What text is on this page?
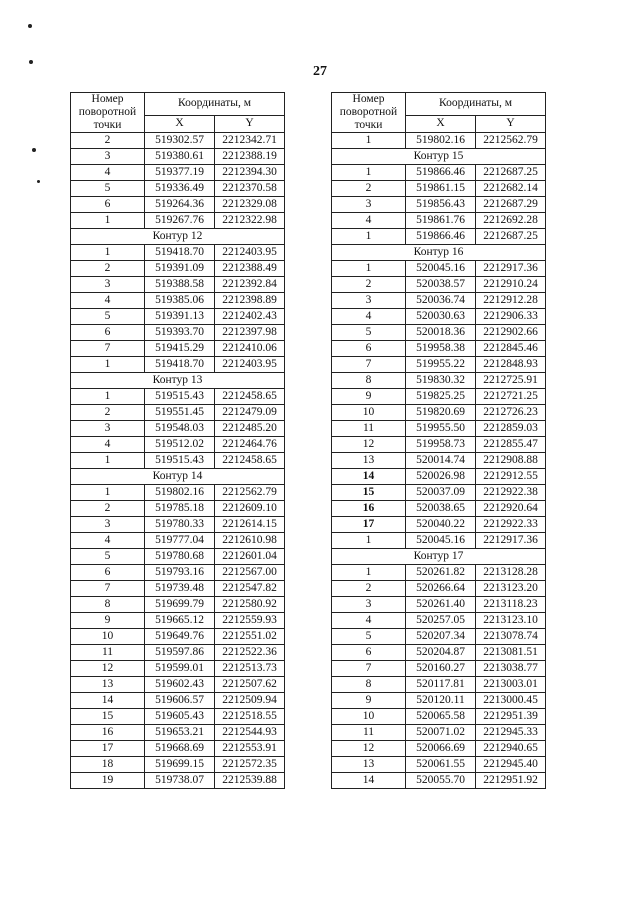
27
Номер поворотной точки	Координаты, м	
	X	Y
2	519302.57	2212342.71
3	519380.61	2212388.19
4	519377.19	2212394.30
5	519336.49	2212370.58
6	519264.36	2212329.08
1	519267.76	2212322.98
Контур 12		
1	519418.70	2212403.95
2	519391.09	2212388.49
3	519388.58	2212392.84
4	519385.06	2212398.89
5	519391.13	2212402.43
6	519393.70	2212397.98
7	519415.29	2212410.06
1	519418.70	2212403.95
Контур 13		
1	519515.43	2212458.65
2	519551.45	2212479.09
3	519548.03	2212485.20
4	519512.02	2212464.76
1	519515.43	2212458.65
Контур 14		
1	519802.16	2212562.79
2	519785.18	2212609.10
3	519780.33	2212614.15
4	519777.04	2212610.98
5	519780.68	2212601.04
6	519793.16	2212567.00
7	519739.48	2212547.82
8	519699.79	2212580.92
9	519665.12	2212559.93
10	519649.76	2212551.02
11	519597.86	2212522.36
12	519599.01	2212513.73
13	519602.43	2212507.62
14	519606.57	2212509.94
15	519605.43	2212518.55
16	519653.21	2212544.93
17	519668.69	2212553.91
18	519699.15	2212572.35
19	519738.07	2212539.88
Номер поворотной точки	Координаты, м	
	X	Y
1	519802.16	2212562.79
Контур 15		
1	519866.46	2212687.25
2	519861.15	2212682.14
3	519856.43	2212687.29
4	519861.76	2212692.28
1	519866.46	2212687.25
Контур 16		
1	520045.16	2212917.36
2	520038.57	2212910.24
3	520036.74	2212912.28
4	520030.63	2212906.33
5	520018.36	2212902.66
6	519958.38	2212845.46
7	519955.22	2212848.93
8	519830.32	2212725.91
9	519825.25	2212721.25
10	519820.69	2212726.23
11	519955.50	2212859.03
12	519958.73	2212855.47
13	520014.74	2212908.88
14	520026.98	2212912.55
15	520037.09	2212922.38
16	520038.65	2212920.64
17	520040.22	2212922.33
1	520045.16	2212917.36
Контур 17		
1	520261.82	2213128.28
2	520266.64	2213123.20
3	520261.40	2213118.23
4	520257.05	2213123.10
5	520207.34	2213078.74
6	520204.87	2213081.51
7	520160.27	2213038.77
8	520117.81	2213003.01
9	520120.11	2213000.45
10	520065.58	2212951.39
11	520071.02	2212945.33
12	520066.69	2212940.65
13	520061.55	2212945.40
14	520055.70	2212951.92
